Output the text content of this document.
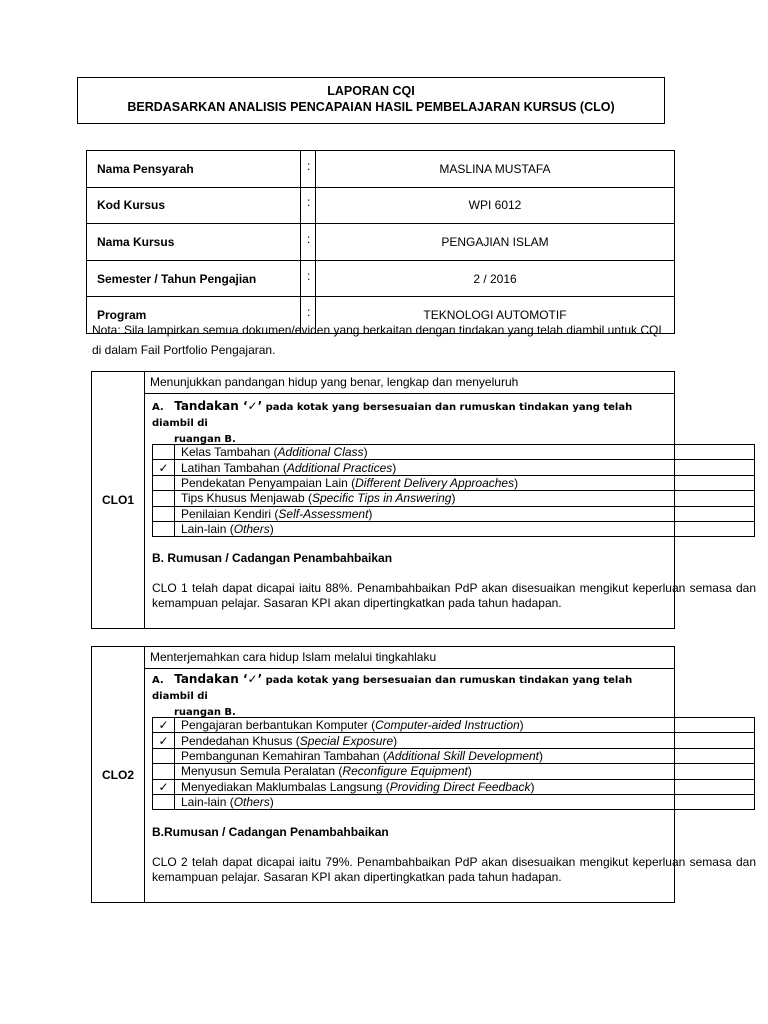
LAPORAN CQI
BERDASARKAN ANALISIS PENCAPAIAN HASIL PEMBELAJARAN KURSUS (CLO)
Nama Pensyarah	:	MASLINA MUSTAFA
Kod Kursus	:	WPI 6012
Nama Kursus	:	PENGAJIAN ISLAM
Semester / Tahun Pengajian	:	2 / 2016
Program	:	TEKNOLOGI AUTOMOTIF
Nota: Sila lampirkan semua dokumen/eviden yang berkaitan dengan tindakan yang telah diambil untuk CQI di dalam Fail Portfolio Pengajaran.
CLO1
Menunjukkan pandangan hidup yang benar, lengkap dan menyeluruh
A. Tandakan ‘✓’ pada kotak yang bersesuaian dan rumuskan tindakan yang telah diambil di
ruangan B.
	Kelas Tambahan (Additional Class)
✓	Latihan Tambahan (Additional Practices)
	Pendekatan Penyampaian Lain (Different Delivery Approaches)
	Tips Khusus Menjawab (Specific Tips in Answering)
	Penilaian Kendiri (Self-Assessment)
	Lain-lain (Others)
B. Rumusan / Cadangan Penambahbaikan
CLO 1 telah dapat dicapai iaitu 88%. Penambahbaikan PdP akan disesuaikan mengikut keperluan semasa dan kemampuan pelajar. Sasaran KPI akan dipertingkatkan pada tahun hadapan.
CLO2
Menterjemahkan cara hidup Islam melalui tingkahlaku
A. Tandakan ‘✓’ pada kotak yang bersesuaian dan rumuskan tindakan yang telah diambil di
ruangan B.
✓	Pengajaran berbantukan Komputer (Computer-aided Instruction)
✓	Pendedahan Khusus (Special Exposure)
	Pembangunan Kemahiran Tambahan (Additional Skill Development)
	Menyusun Semula Peralatan (Reconfigure Equipment)
✓	Menyediakan Maklumbalas Langsung (Providing Direct Feedback)
	Lain-lain (Others)
B.Rumusan / Cadangan Penambahbaikan
CLO 2 telah dapat dicapai iaitu 79%. Penambahbaikan PdP akan disesuaikan mengikut keperluan semasa dan kemampuan pelajar. Sasaran KPI akan dipertingkatkan pada tahun hadapan.
